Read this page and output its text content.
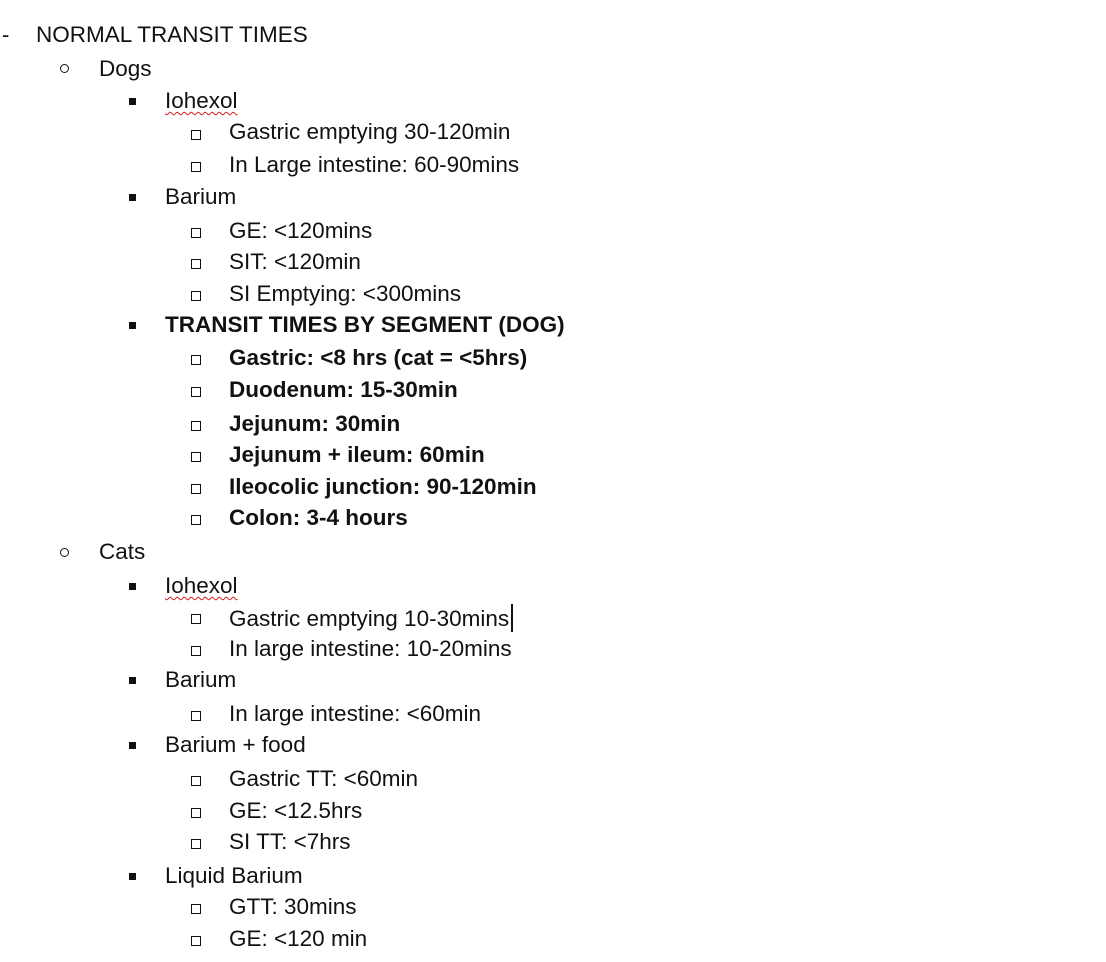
- NORMAL TRANSIT TIMES
Dogs
Iohexol
Gastric emptying 30-120min
In Large intestine: 60-90mins
Barium
GE: <120mins
SIT: <120min
SI Emptying: <300mins
TRANSIT TIMES BY SEGMENT (DOG)
Gastric: <8 hrs (cat = <5hrs)
Duodenum: 15-30min
Jejunum: 30min
Jejunum + ileum: 60min
Ileocolic junction: 90-120min
Colon: 3-4 hours
Cats
Iohexol
Gastric emptying 10-30mins
In large intestine: 10-20mins
Barium
In large intestine: <60min
Barium + food
Gastric TT: <60min
GE: <12.5hrs
SI TT: <7hrs
Liquid Barium
GTT: 30mins
GE: <120 min
